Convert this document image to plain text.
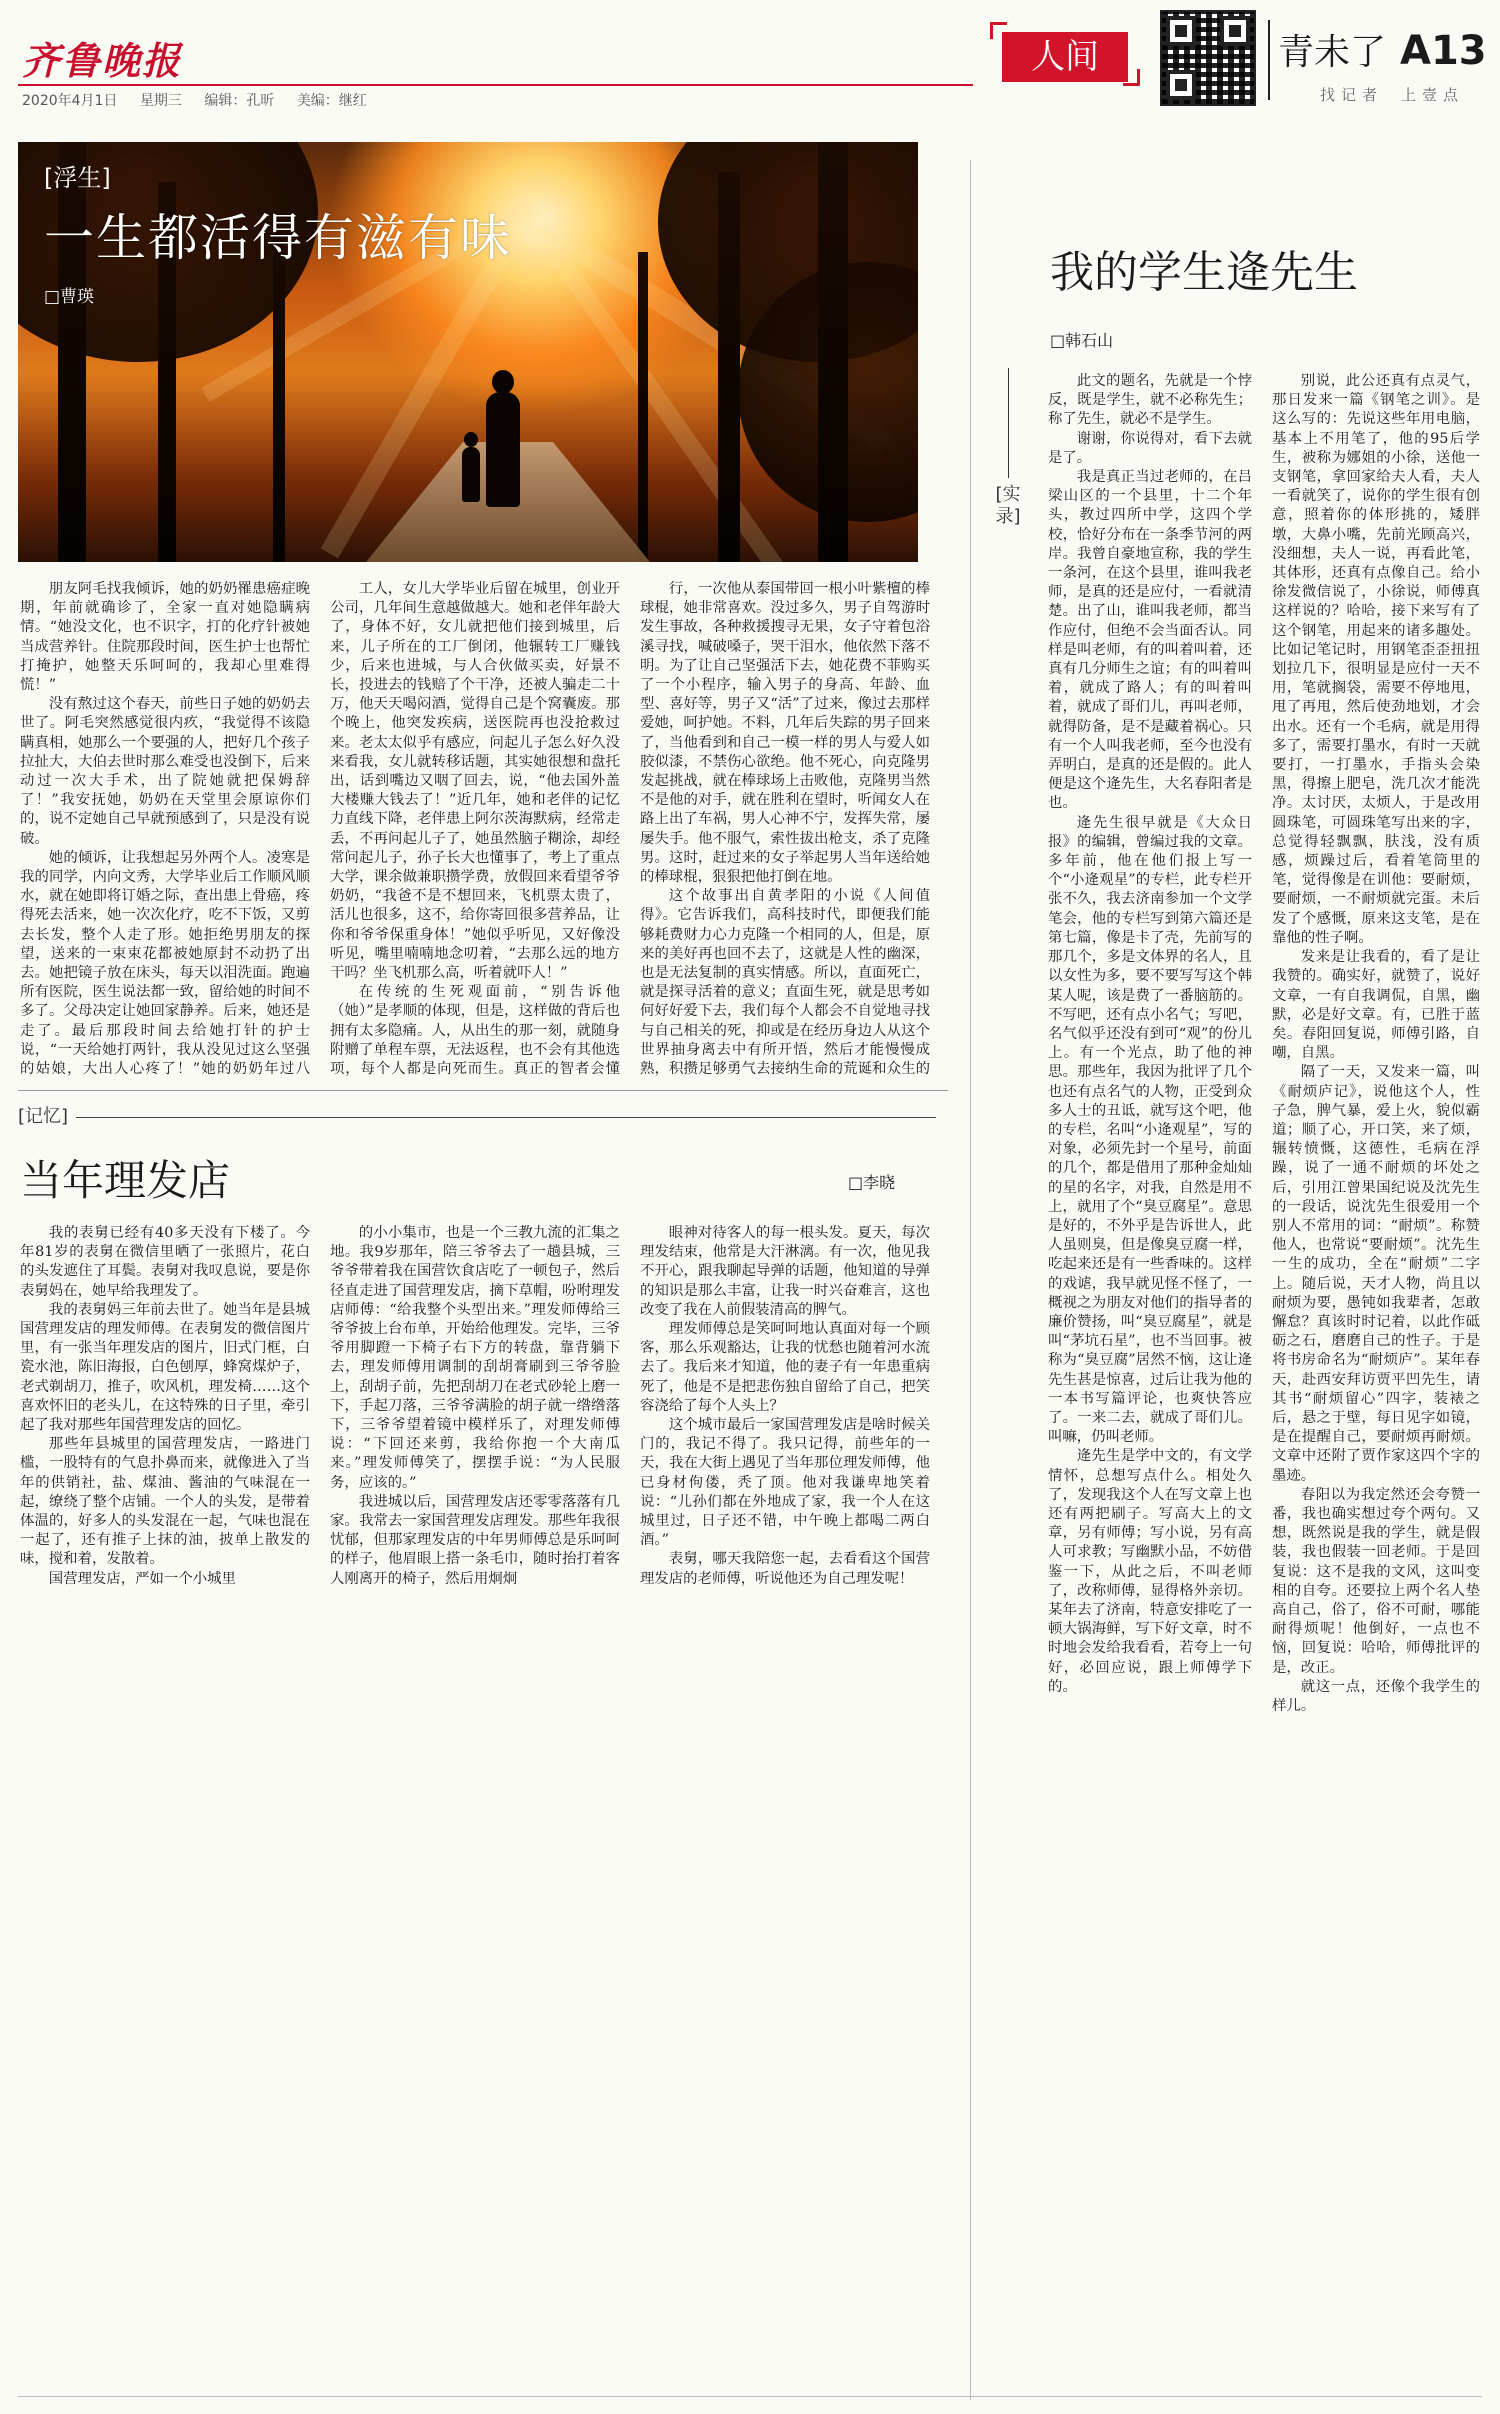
齐鲁晚报
2020年4月1日 星期三 编辑：孔昕 美编：继红
人间	青未了 A13
找记者 上壹点
[浮生]
一生都活得有滋有味
□曹瑛

朋友阿毛找我倾诉，她的奶奶罹患癌症晚期，年前就确诊了，全家一直对她隐瞒病情。“她没文化，也不识字，打的化疗针被她当成营养针。住院那段时间，医生护士也帮忙打掩护，她整天乐呵呵的，我却心里难得慌！”

没有熬过这个春天，前些日子她的奶奶去世了。阿毛突然感觉很内疚，“我觉得不该隐瞒真相，她那么一个要强的人，把好几个孩子拉扯大，大伯去世时那么难受也没倒下，后来动过一次大手术，出了院她就把保姆辞了！”我安抚她，奶奶在天堂里会原谅你们的，说不定她自己早就预感到了，只是没有说破。

她的倾诉，让我想起另外两个人。凌寒是我的同学，内向文秀，大学毕业后工作顺风顺水，就在她即将订婚之际，查出患上骨癌，疼得死去活来，她一次次化疗，吃不下饭，又剪去长发，整个人走了形。她拒绝男朋友的探望，送来的一束束花都被她原封不动扔了出去。她把镜子放在床头，每天以泪洗面。跑遍所有医院，医生说法都一致，留给她的时间不多了。父母决定让她回家静养。后来，她还是走了。最后那段时间去给她打针的护士说，“一天给她打两针，我从没见过这么坚强的姑娘，大出人心疼了！”她的奶奶年过八

工人，女儿大学毕业后留在城里，创业开公司，几年间生意越做越大。她和老伴年龄大了，身体不好，女儿就把他们接到城里，后来，儿子所在的工厂倒闭，他辗转工厂赚钱少，后来也进城，与人合伙做买卖，好景不长，投进去的钱赔了个干净，还被人骗走二十万，他天天喝闷酒，觉得自己是个窝囊废。那个晚上，他突发疾病，送医院再也没抢救过来。老太太似乎有感应，问起儿子怎么好久没来看我，女儿就转移话题，其实她很想和盘托出，话到嘴边又咽了回去，说，“他去国外盖大楼赚大钱去了！”近几年，她和老伴的记忆力直线下降，老伴患上阿尔茨海默病，经常走丢，不再问起儿子了，她虽然脑子糊涂，却经常问起儿子，孙子长大也懂事了，考上了重点大学，课余做兼职攒学费，放假回来看望爷爷奶奶，“我爸不是不想回来，飞机票太贵了，活儿也很多，这不，给你寄回很多营养品，让你和爷爷保重身体！”她似乎听见，又好像没听见，嘴里喃喃地念叨着，“去那么远的地方干吗？坐飞机那么高，听着就吓人！”

在传统的生死观面前，“别告诉他（她）”是孝顺的体现，但是，这样做的背后也拥有太多隐痛。人，从出生的那一刻，就随身附赠了单程车票，无法返程，也不会有其他选项，每个人都是向死而生。真正的智者会懂

行，一次他从泰国带回一根小叶紫檀的棒球棍，她非常喜欢。没过多久，男子自驾游时发生事故，各种救援搜寻无果，女子守着包浴溪寻找，喊破嗓子，哭干泪水，他依然下落不明。为了让自己坚强活下去，她花费不菲购买了一个小程序，输入男子的身高、年龄、血型、喜好等，男子又“活”了过来，像过去那样爱她，呵护她。不料，几年后失踪的男子回来了，当他看到和自己一模一样的男人与爱人如胶似漆，不禁伤心欲绝。他不死心，向克隆男发起挑战，就在棒球场上击败他，克隆男当然不是他的对手，就在胜利在望时，听闻女人在路上出了车祸，男人心神不宁，发挥失常，屡屡失手。他不服气，索性拔出枪支，杀了克隆男。这时，赶过来的女子举起男人当年送给她的棒球棍，狠狠把他打倒在地。

这个故事出自黄孝阳的小说《人间值得》。它告诉我们，高科技时代，即便我们能够耗费财力心力克隆一个相同的人，但是，原来的美好再也回不去了，这就是人性的幽深，也是无法复制的真实情感。所以，直面死亡，就是探寻活着的意义；直面生死，就是思考如何好好爱下去，我们每个人都会不自觉地寻找与自己相关的死，抑或是在经历身边人从这个世界抽身离去中有所开悟，然后才能慢慢成熟，积攒足够勇气去接纳生命的荒诞和众生的

[记忆]
当年理发店	□李晓

我的表舅已经有40多天没有下楼了。今年81岁的表舅在微信里晒了一张照片，花白的头发遮住了耳鬓。表舅对我叹息说，要是你表舅妈在，她早给我理发了。

我的表舅妈三年前去世了。她当年是县城国营理发店的理发师傅。在表舅发的微信图片里，有一张当年理发店的图片，旧式门框，白瓷水池，陈旧海报，白色刨厚，蜂窝煤炉子，老式剃胡刀，推子，吹风机，理发椅……这个喜欢怀旧的老头儿，在这特殊的日子里，牵引起了我对那些年国营理发店的回忆。

那些年县城里的国营理发店，一路进门槛，一股特有的气息扑鼻而来，就像进入了当年的供销社，盐、煤油、酱油的气味混在一起，缭绕了整个店铺。一个人的头发，是带着体温的，好多人的头发混在一起，气味也混在一起了，还有推子上抹的油，披单上散发的味，搅和着，发散着。

国营理发店，严如一个小城里

的小小集市，也是一个三教九流的汇集之地。我9岁那年，陪三爷爷去了一趟县城，三爷爷带着我在国营饮食店吃了一顿包子，然后径直走进了国营理发店，摘下草帽，吩咐理发店师傅：“给我整个头型出来。”理发师傅给三爷爷披上台布单，开始给他理发。完毕，三爷爷用脚蹬一下椅子右下方的转盘，靠背躺下去，理发师傅用调制的刮胡膏刷到三爷爷脸上，刮胡子前，先把刮胡刀在老式砂轮上磨一下，手起刀落，三爷爷满脸的胡子就一绺绺落下，三爷爷望着镜中模样乐了，对理发师傅说：“下回还来剪，我给你抱一个大南瓜来。”理发师傅笑了，摆摆手说：“为人民服务，应该的。”

我进城以后，国营理发店还零零落落有几家。我常去一家国营理发店理发。那些年我很忧郁，但那家理发店的中年男师傅总是乐呵呵的样子，他眉眼上搭一条毛巾，随时抬打着客人刚离开的椅子，然后用炯炯

眼神对待客人的每一根头发。夏天，每次理发结束，他常是大汗淋漓。有一次，他见我不开心，跟我聊起导弹的话题，他知道的导弹的知识是那么丰富，让我一时兴奋难言，这也改变了我在人前假装清高的脾气。

理发师傅总是笑呵呵地认真面对每一个顾客，那么乐观豁达，让我的忧愁也随着河水流去了。我后来才知道，他的妻子有一年患重病死了，他是不是把悲伤独自留给了自己，把笑容浇给了每个人头上？

这个城市最后一家国营理发店是啥时候关门的，我记不得了。我只记得，前些年的一天，我在大街上遇见了当年那位理发师傅，他已身材佝偻，秃了顶。他对我谦卑地笑着说：“儿孙们都在外地成了家，我一个人在这城里过，日子还不错，中午晚上都喝二两白酒。”

表舅，哪天我陪您一起，去看看这个国营理发店的老师傅，听说他还为自己理发呢！

我的学生逄先生
□韩石山
[实录]

此文的题名，先就是一个悖反，既是学生，就不必称先生；称了先生，就必不是学生。

谢谢，你说得对，看下去就是了。

我是真正当过老师的，在吕梁山区的一个县里，十二个年头，教过四所中学，这四个学校，恰好分布在一条季节河的两岸。我曾自豪地宣称，我的学生一条河，在这个县里，谁叫我老师，是真的还是应付，一看就清楚。出了山，谁叫我老师，都当作应付，但绝不会当面否认。同样是叫老师，有的叫着叫着，还真有几分师生之谊；有的叫着叫着，就成了路人；有的叫着叫着，就成了哥们儿，再叫老师，就得防备，是不是藏着祸心。只有一个人叫我老师，至今也没有弄明白，是真的还是假的。此人便是这个逄先生，大名春阳者是也。

逄先生很早就是《大众日报》的编辑，曾编过我的文章。多年前，他在他们报上写一个“小逄观星”的专栏，此专栏开张不久，我去济南参加一个文学笔会，他的专栏写到第六篇还是第七篇，像是卡了壳，先前写的那几个，多是文体界的名人，且以女性为多，要不要写写这个韩某人呢，该是费了一番脑筋的。不写吧，还有点小名气；写吧，名气似乎还没有到可“观”的份儿上。有一个光点，助了他的神思。那些年，我因为批评了几个也还有点名气的人物，正受到众多人士的丑诋，就写这个吧，他的专栏，名叫“小逄观星”，写的对象，必须先封一个星号，前面的几个，都是借用了那种金灿灿的星的名字，对我，自然是用不上，就用了个“臭豆腐星”。意思是好的，不外乎是告诉世人，此人虽则臭，但是像臭豆腐一样，吃起来还是有一些香味的。这样的戏谑，我早就见怪不怪了，一概视之为朋友对他们的指导者的廉价赞扬，叫“臭豆腐星”，就是叫“茅坑石星”，也不当回事。被称为“臭豆腐”居然不恼，这让逄先生甚是惊喜，过后让我为他的一本书写篇评论，也爽快答应了。一来二去，就成了哥们儿。叫嘛，仍叫老师。

逄先生是学中文的，有文学情怀，总想写点什么。相处久了，发现我这个人在写文章上也还有两把刷子。写高大上的文章，另有师傅；写小说，另有高人可求教；写幽默小品，不妨借鉴一下，从此之后，不叫老师了，改称师傅，显得格外亲切。某年去了济南，特意安排吃了一顿大锅海鲜，写下好文章，时不时地会发给我看看，若夸上一句好，必回应说，跟上师傅学下的。

别说，此公还真有点灵气，那日发来一篇《钢笔之训》。是这么写的：先说这些年用电脑，基本上不用笔了，他的95后学生，被称为娜姐的小徐，送他一支钢笔，拿回家给夫人看，夫人一看就笑了，说你的学生很有创意，照着你的体形挑的，矮胖墩，大鼻小嘴，先前光顾高兴，没细想，夫人一说，再看此笔，其体形，还真有点像自己。给小徐发微信说了，小徐说，师傅真这样说的？哈哈，接下来写有了这个钢笔，用起来的诸多趣处。比如记笔记时，用钢笔歪歪扭扭划拉几下，很明显是应付一天不用，笔就搁袋，需要不停地甩，甩了再甩，然后使劲地划，才会出水。还有一个毛病，就是用得多了，需要打墨水，有时一天就要打，一打墨水，手指头会染黑，得擦上肥皂，洗几次才能洗净。太讨厌，太烦人，于是改用圆珠笔，可圆珠笔写出来的字，总觉得轻飘飘，肤浅，没有质感，烦躁过后，看着笔筒里的笔，觉得像是在训他：要耐烦，要耐烦，一不耐烦就完蛋。未后发了个感慨，原来这支笔，是在靠他的性子啊。

发来是让我看的，看了是让我赞的。确实好，就赞了，说好文章，一有自我调侃，自黑，幽默，必是好文章。有，已胜于蓝矣。春阳回复说，师傅引路，自嘲，自黑。

隔了一天，又发来一篇，叫《耐烦庐记》，说他这个人，性子急，脾气暴，爱上火，貌似霸道；顺了心，开口笑，来了烦，辗转愤慨，这德性，毛病在浮躁，说了一通不耐烦的坏处之后，引用江曾果国纪说及沈先生的一段话，说沈先生很爱用一个别人不常用的词：“耐烦”。称赞他人，也常说“要耐烦”。沈先生一生的成功，全在“耐烦”二字上。随后说，天才人物，尚且以耐烦为要，愚钝如我辈者，怎敢懈怠？真该时时记着，以此作砥砺之石，磨磨自己的性子。于是将书房命名为“耐烦庐”。某年春天，赴西安拜访贾平凹先生，请其书“耐烦留心”四字，装裱之后，悬之于壁，每日见字如镜，是在提醒自己，要耐烦再耐烦。文章中还附了贾作家这四个字的墨迹。

春阳以为我定然还会夸赞一番，我也确实想过夸个两句。又想，既然说是我的学生，就是假装，我也假装一回老师。于是回复说：这不是我的文风，这叫变相的自夸。还要拉上两个名人垫高自己，俗了，俗不可耐，哪能耐得烦呢！他倒好，一点也不恼，回复说：哈哈，师傅批评的是，改正。

就这一点，还像个我学生的样儿。
